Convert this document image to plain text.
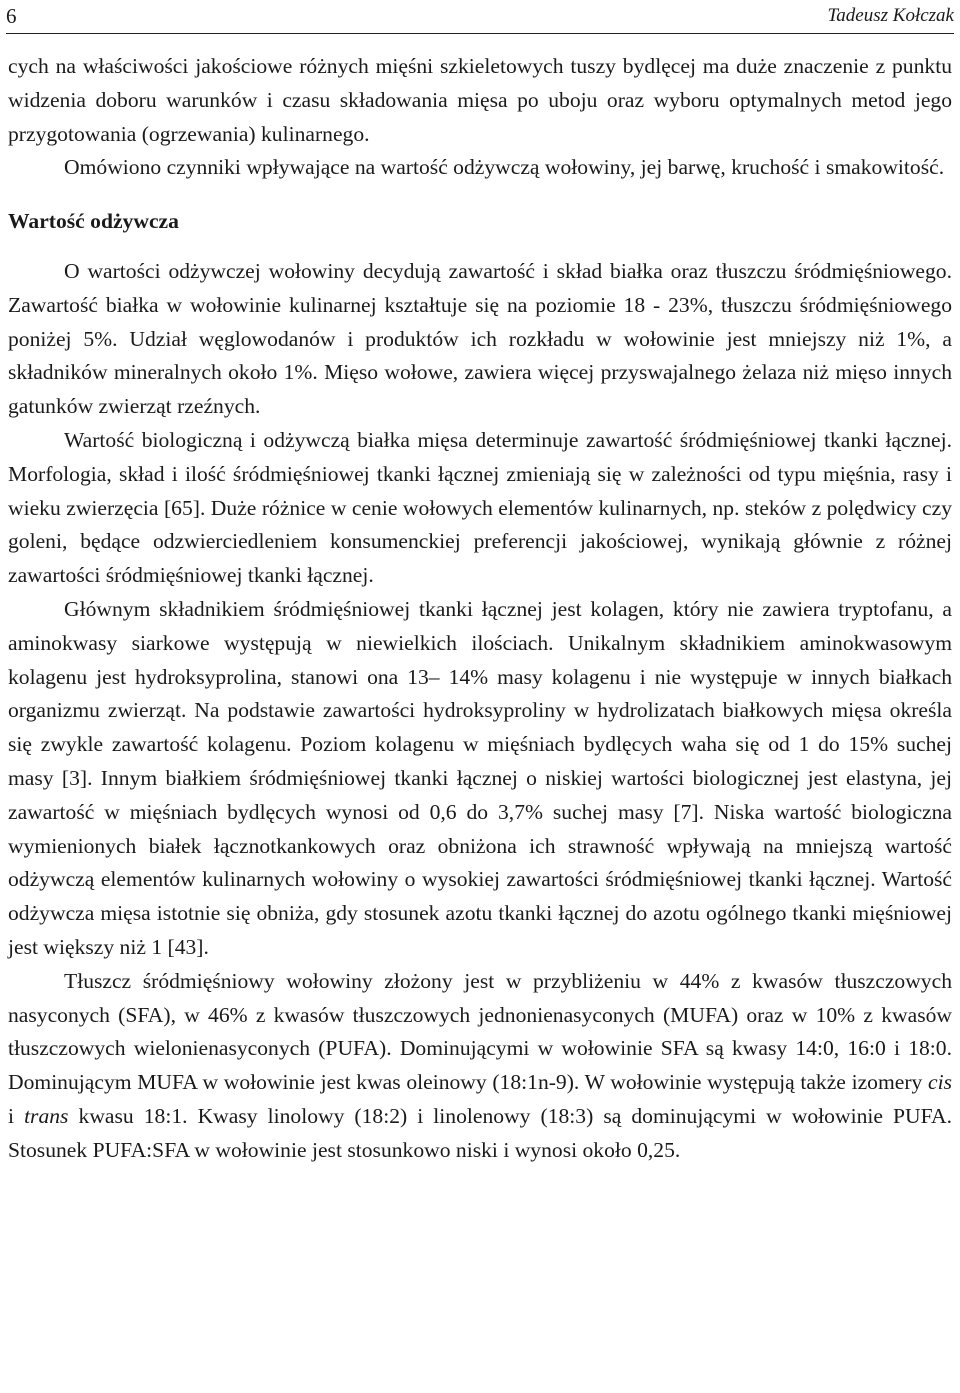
6	Tadeusz Kołczak

cych na właściwości jakościowe różnych mięśni szkieletowych tuszy bydlęcej ma duże znaczenie z punktu widzenia doboru warunków i czasu składowania mięsa po uboju oraz wyboru optymalnych metod jego przygotowania (ogrzewania) kulinarnego.

Omówiono czynniki wpływające na wartość odżywczą wołowiny, jej barwę, kruchość i smakowitość.

Wartość odżywcza

O wartości odżywczej wołowiny decydują zawartość i skład białka oraz tłuszczu śródmięśniowego. Zawartość białka w wołowinie kulinarnej kształtuje się na poziomie 18 - 23%, tłuszczu śródmięśniowego poniżej 5%. Udział węglowodanów i produktów ich rozkładu w wołowinie jest mniejszy niż 1%, a składników mineralnych około 1%. Mięso wołowe, zawiera więcej przyswajalnego żelaza niż mięso innych gatunków zwierząt rzeźnych.

Wartość biologiczną i odżywczą białka mięsa determinuje zawartość śródmięśniowej tkanki łącznej. Morfologia, skład i ilość śródmięśniowej tkanki łącznej zmieniają się w zależności od typu mięśnia, rasy i wieku zwierzęcia [65]. Duże różnice w cenie wołowych elementów kulinarnych, np. steków z polędwicy czy goleni, będące odzwierciedleniem konsumenckiej preferencji jakościowej, wynikają głównie z różnej zawartości śródmięśniowej tkanki łącznej.

Głównym składnikiem śródmięśniowej tkanki łącznej jest kolagen, który nie zawiera tryptofanu, a aminokwasy siarkowe występują w niewielkich ilościach. Unikalnym składnikiem aminokwasowym kolagenu jest hydroksyprolina, stanowi ona 13– 14% masy kolagenu i nie występuje w innych białkach organizmu zwierząt. Na podstawie zawartości hydroksyproliny w hydrolizatach białkowych mięsa określa się zwykle zawartość kolagenu. Poziom kolagenu w mięśniach bydlęcych waha się od 1 do 15% suchej masy [3]. Innym białkiem śródmięśniowej tkanki łącznej o niskiej wartości biologicznej jest elastyna, jej zawartość w mięśniach bydlęcych wynosi od 0,6 do 3,7% suchej masy [7]. Niska wartość biologiczna wymienionych białek łącznotkankowych oraz obniżona ich strawność wpływają na mniejszą wartość odżywczą elementów kulinarnych wołowiny o wysokiej zawartości śródmięśniowej tkanki łącznej. Wartość odżywcza mięsa istotnie się obniża, gdy stosunek azotu tkanki łącznej do azotu ogólnego tkanki mięśniowej jest większy niż 1 [43].

Tłuszcz śródmięśniowy wołowiny złożony jest w przybliżeniu w 44% z kwasów tłuszczowych nasyconych (SFA), w 46% z kwasów tłuszczowych jednonienasyconych (MUFA) oraz w 10% z kwasów tłuszczowych wielonienasyconych (PUFA). Dominującymi w wołowinie SFA są kwasy 14:0, 16:0 i 18:0. Dominującym MUFA w wołowinie jest kwas oleinowy (18:1n-9). W wołowinie występują także izomery cis i trans kwasu 18:1. Kwasy linolowy (18:2) i linolenowy (18:3) są dominującymi w wołowinie PUFA. Stosunek PUFA:SFA w wołowinie jest stosunkowo niski i wynosi około 0,25.
